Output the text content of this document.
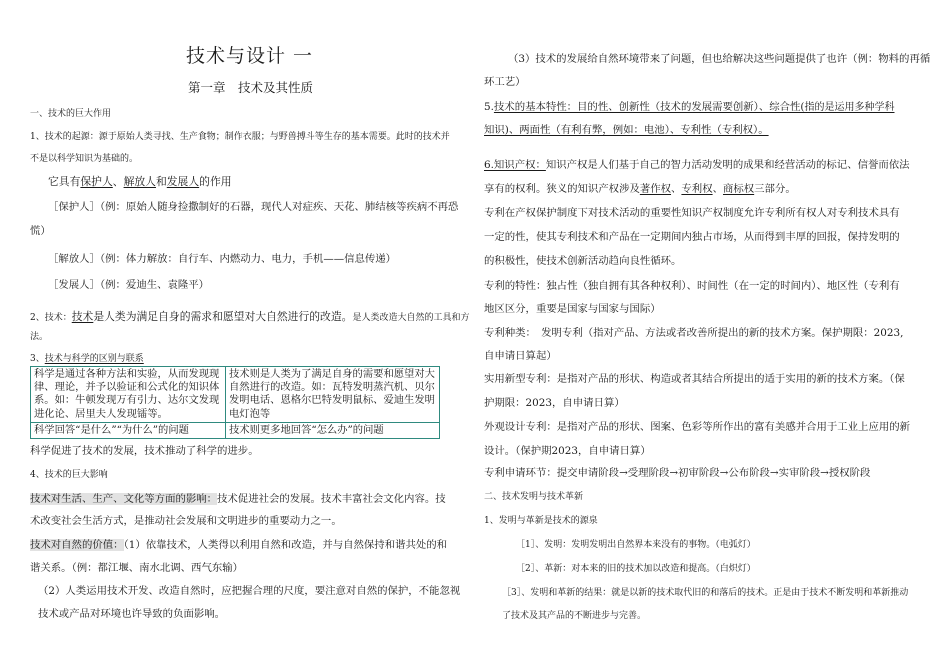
技术与设计 一
第一章　技术及其性质
一、技术的巨大作用
1、技术的起源：源于原始人类寻找、生产食物；制作衣服；与野兽搏斗等生存的基本需要。此时的技术并
不是以科学知识为基础的。
它具有保护人、解放人和发展人的作用
［保护人］（例：原始人随身捡撒制好的石器，现代人对症疾、天花、肺结核等疾病不再恐
慌）
［解放人］（例：体力解放：自行车、内燃动力、电力，手机——信息传递）
［发展人］（例：爱迪生、袁隆平）
2、技术：技术是人类为满足自身的需求和愿望对大自然进行的改造。是人类改造大自然的工具和方
法。
3、技术与科学的区别与联系
科学是通过各种方法和实验，从而发现现律、理论，并予以验证和公式化的知识体系。如：牛顿发现万有引力、达尔文发现进化论、居里夫人发现镭等。	技术则是人类为了满足自身的需要和愿望对大自然进行的改造。如：瓦特发明蒸汽机、贝尔发明电话、恩格尔巴特发明鼠标、爱迪生发明电灯泡等
科学回答“是什么”“为什么”的问题	技术则更多地回答“怎么办”的问题
科学促进了技术的发展，技术推动了科学的进步。
4、技术的巨大影响
技术对生活、生产、文化等方面的影响：技术促进社会的发展。技术丰富社会文化内容。技
术改变社会生活方式，是推动社会发展和文明进步的重要动力之一。
技术对自然的价值：（1）依靠技术，人类得以利用自然和改造，并与自然保持和谐共处的和
谐关系。（例：都江堰、南水北调、西气东输）
（2）人类运用技术开发、改造自然时，应把握合理的尺度，要注意对自然的保护，不能忽视
技术或产品对环境也许导致的负面影响。
（3）技术的发展给自然环境带来了问题，但也给解决这些问题提供了也许（例：物料的再循
环工艺）
5.技术的基本特性：目的性、创新性（技术的发展需要创新）、综合性(指的是运用多种学科
知识)、两面性（有利有弊，例如：电池）、专利性（专利权）。
6.知识产权：知识产权是人们基于自己的智力活动发明的成果和经营活动的标记、信誉而依法
享有的权利。狭义的知识产权涉及著作权、专利权、商标权三部分。
专利在产权保护制度下对技术活动的重要性知识产权制度允许专利所有权人对专利技术具有
一定的性，使其专利技术和产品在一定期间内独占市场，从而得到丰厚的回报，保持发明的
的积极性，使技术创新活动趋向良性循环。
专利的特性：独占性（独自拥有其各种权利）、时间性（在一定的时间内）、地区性（专利有
地区区分，重要是国家与国家与国际）
专利种类：　发明专利（指对产品、方法或者改善所提出的新的技术方案。保护期限：2023,
自申请日算起）
实用新型专利：是指对产品的形状、构造或者其结合所提出的适于实用的新的技术方案。（保
护期限：2023，自申请日算）
外观设计专利：是指对产品的形状、图案、色彩等所作出的富有美感并合用于工业上应用的新
设计。（保护期2023，自申请日算）
专利申请环节：提交申请阶段→受理阶段→初审阶段→公布阶段→实审阶段→授权阶段
二、技术发明与技术革新
1、发明与革新是技术的源泉
［1］、发明：发明发明出自然界本来没有的事物。（电弧灯）
［2］、革新：对本来的旧的技术加以改造和提高。（白炽灯）
［3］、发明和革新的结果：就是以新的技术取代旧的和落后的技术。正是由于技术不断发明和革新推动
了技术及其产品的不断进步与完善。
